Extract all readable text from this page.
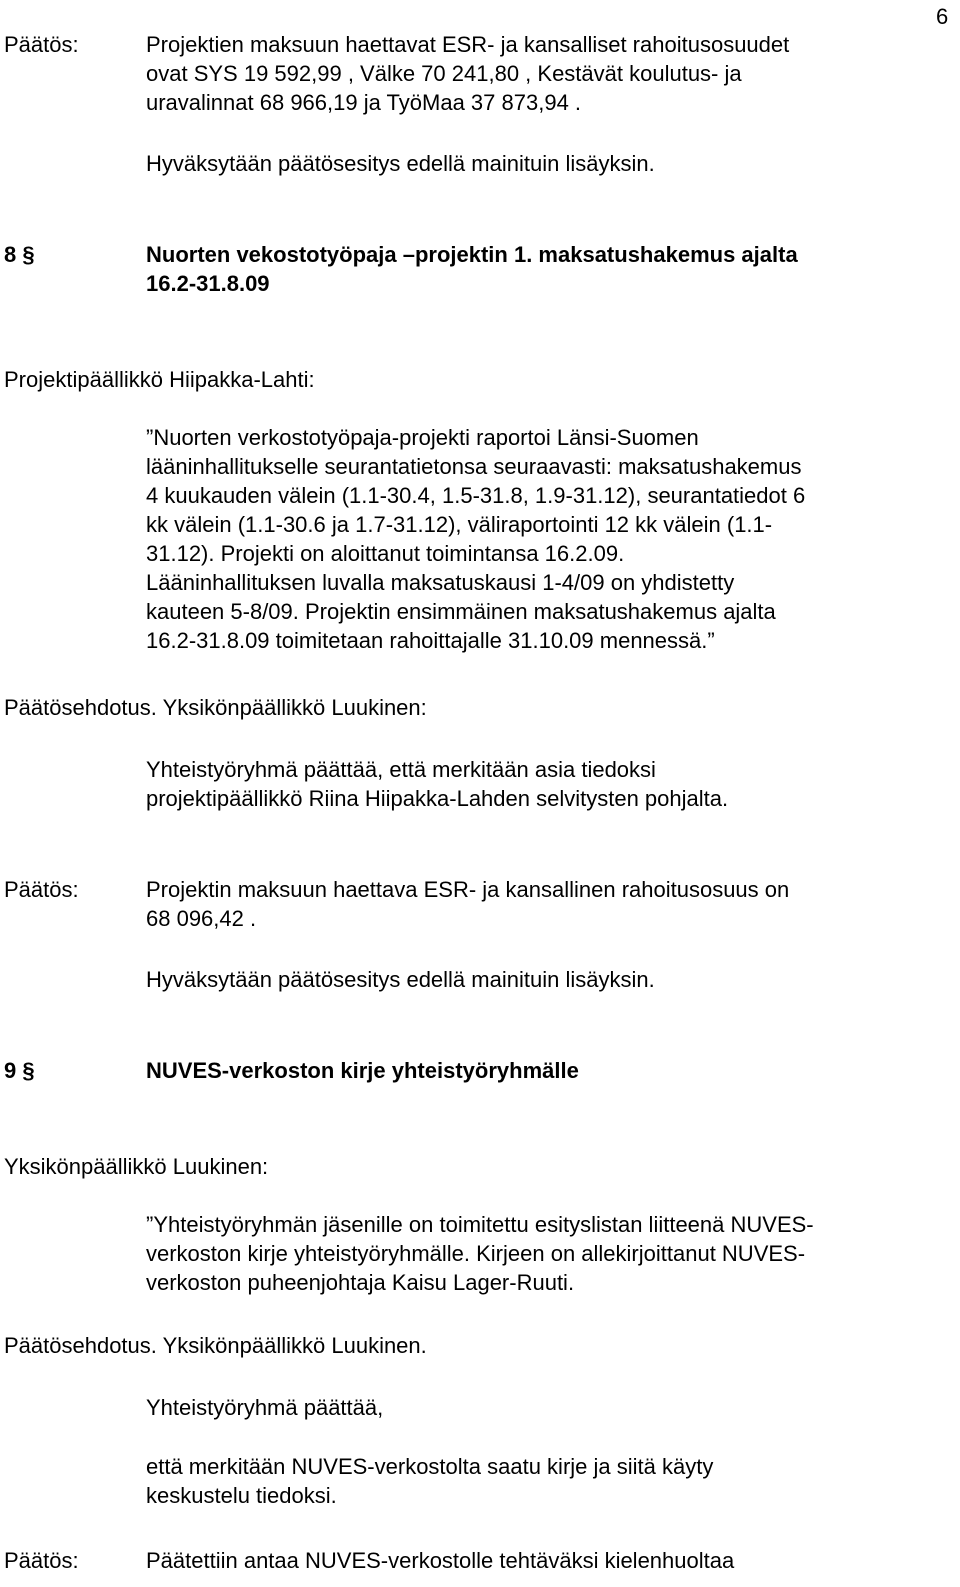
6
Päätös:	Projektien maksuun haettavat ESR- ja kansalliset rahoitusosuudet
ovat SYS 19 592,99 , Välke 70 241,80 , Kestävät koulutus- ja
uravalinnat 68 966,19 ja TyöMaa 37 873,94 .
Hyväksytään päätösesitys edellä mainituin lisäyksin.
8 §	Nuorten vekostotyöpaja –projektin 1. maksatushakemus ajalta
16.2-31.8.09
Projektipäällikkö Hiipakka-Lahti:
”Nuorten verkostotyöpaja-projekti raportoi Länsi-Suomen
lääninhallitukselle seurantatietonsa seuraavasti: maksatushakemus
4 kuukauden välein (1.1-30.4, 1.5-31.8, 1.9-31.12), seurantatiedot 6
kk välein (1.1-30.6 ja 1.7-31.12), väliraportointi 12 kk välein (1.1-
31.12). Projekti on aloittanut toimintansa 16.2.09.
Lääninhallituksen luvalla maksatuskausi 1-4/09 on yhdistetty
kauteen 5-8/09. Projektin ensimmäinen maksatushakemus ajalta
16.2-31.8.09 toimitetaan rahoittajalle 31.10.09 mennessä.”
Päätösehdotus. Yksikönpäällikkö Luukinen:
Yhteistyöryhmä päättää, että merkitään asia tiedoksi
projektipäällikkö Riina Hiipakka-Lahden selvitysten pohjalta.
Päätös:	Projektin maksuun haettava ESR- ja kansallinen rahoitusosuus on
68 096,42 .
Hyväksytään päätösesitys edellä mainituin lisäyksin.
9 §	NUVES-verkoston kirje yhteistyöryhmälle
Yksikönpäällikkö Luukinen:
”Yhteistyöryhmän jäsenille on toimitettu esityslistan liitteenä NUVES-
verkoston kirje yhteistyöryhmälle. Kirjeen on allekirjoittanut NUVES-
verkoston puheenjohtaja Kaisu Lager-Ruuti.
Päätösehdotus. Yksikönpäällikkö Luukinen.
Yhteistyöryhmä päättää,
että merkitään NUVES-verkostolta saatu kirje ja siitä käyty
keskustelu tiedoksi.
Päätös:	Päätettiin antaa NUVES-verkostolle tehtäväksi kielenhuoltaa
